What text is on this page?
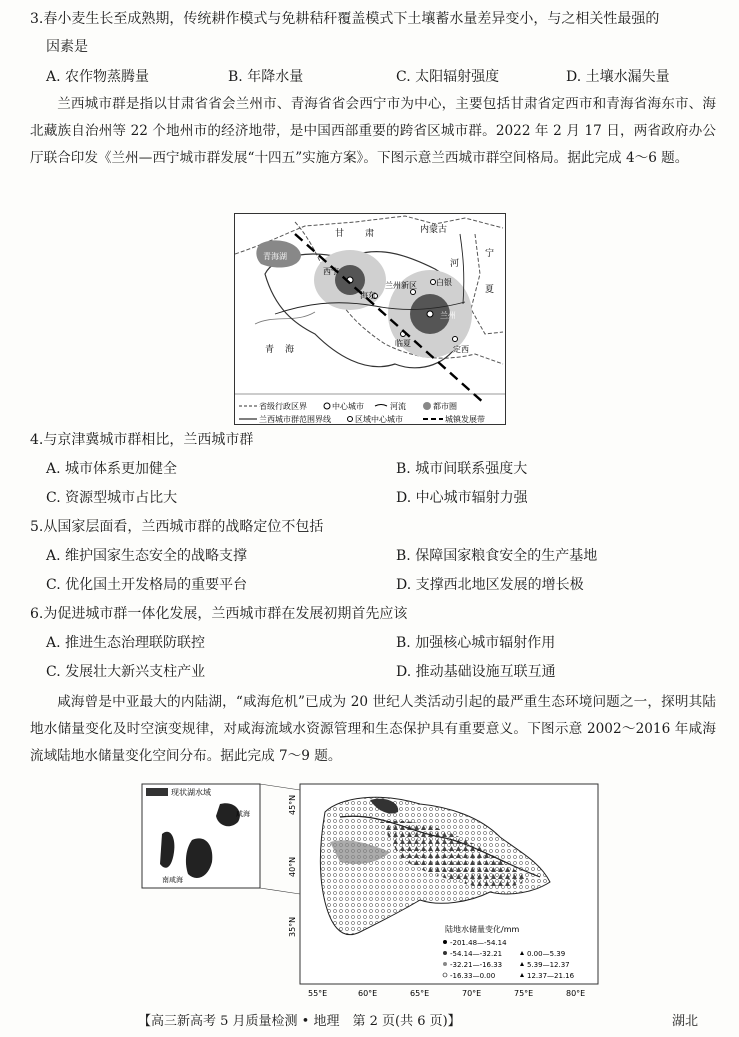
3.春小麦生长至成熟期，传统耕作模式与免耕秸秆覆盖模式下土壤蓄水量差异变小，与之相关性最强的
因素是
A. 农作物蒸腾量	B. 年降水量	C. 太阳辐射强度	D. 土壤水漏失量
兰西城市群是指以甘肃省省会兰州市、青海省省会西宁市为中心，主要包括甘肃省定西市和青海省海东市、海北藏族自治州等 22 个地州市的经济地带，是中国西部重要的跨省区城市群。2022 年 2 月 17 日，两省政府办公厅联合印发《兰州—西宁城市群发展“十四五”实施方案》。下图示意兰西城市群空间格局。据此完成 4～6 题。
内蒙古
甘 肃
宁
夏
河
青海湖
西宁
海东
兰州新区 白银
兰州
临夏
定西
青 海
省级行政区界	中心城市	河流	都市圈
兰西城市群范围界线	区域中心城市	城镇发展带
4.与京津冀城市群相比，兰西城市群
A. 城市体系更加健全	B. 城市间联系强度大
C. 资源型城市占比大	D. 中心城市辐射力强
5.从国家层面看，兰西城市群的战略定位不包括
A. 维护国家生态安全的战略支撑	B. 保障国家粮食安全的生产基地
C. 优化国土开发格局的重要平台	D. 支撑西北地区发展的增长极
6.为促进城市群一体化发展，兰西城市群在发展初期首先应该
A. 推进生态治理联防联控	B. 加强核心城市辐射作用
C. 发展壮大新兴支柱产业	D. 推动基础设施互联互通
咸海曾是中亚最大的内陆湖，“咸海危机”已成为 20 世纪人类活动引起的最严重生态环境问题之一，探明其陆地水储量变化及时空演变规律，对咸海流域水资源管理和生态保护具有重要意义。下图示意 2002～2016 年咸海流域陆地水储量变化空间分布。据此完成 7～9 题。
现状湖水域
咸海
南咸海
45°N
40°N
35°N
55°E	60°E	65°E	70°E	75°E	80°E
陆地水储量变化/mm
-201.48—-54.14
-54.14—-32.21
-32.21—-16.33
-16.33—0.00
0.00—5.39
5.39—12.37
12.37—21.16
【高三新高考 5 月质量检测 • 地理　第 2 页(共 6 页)】	湖北
